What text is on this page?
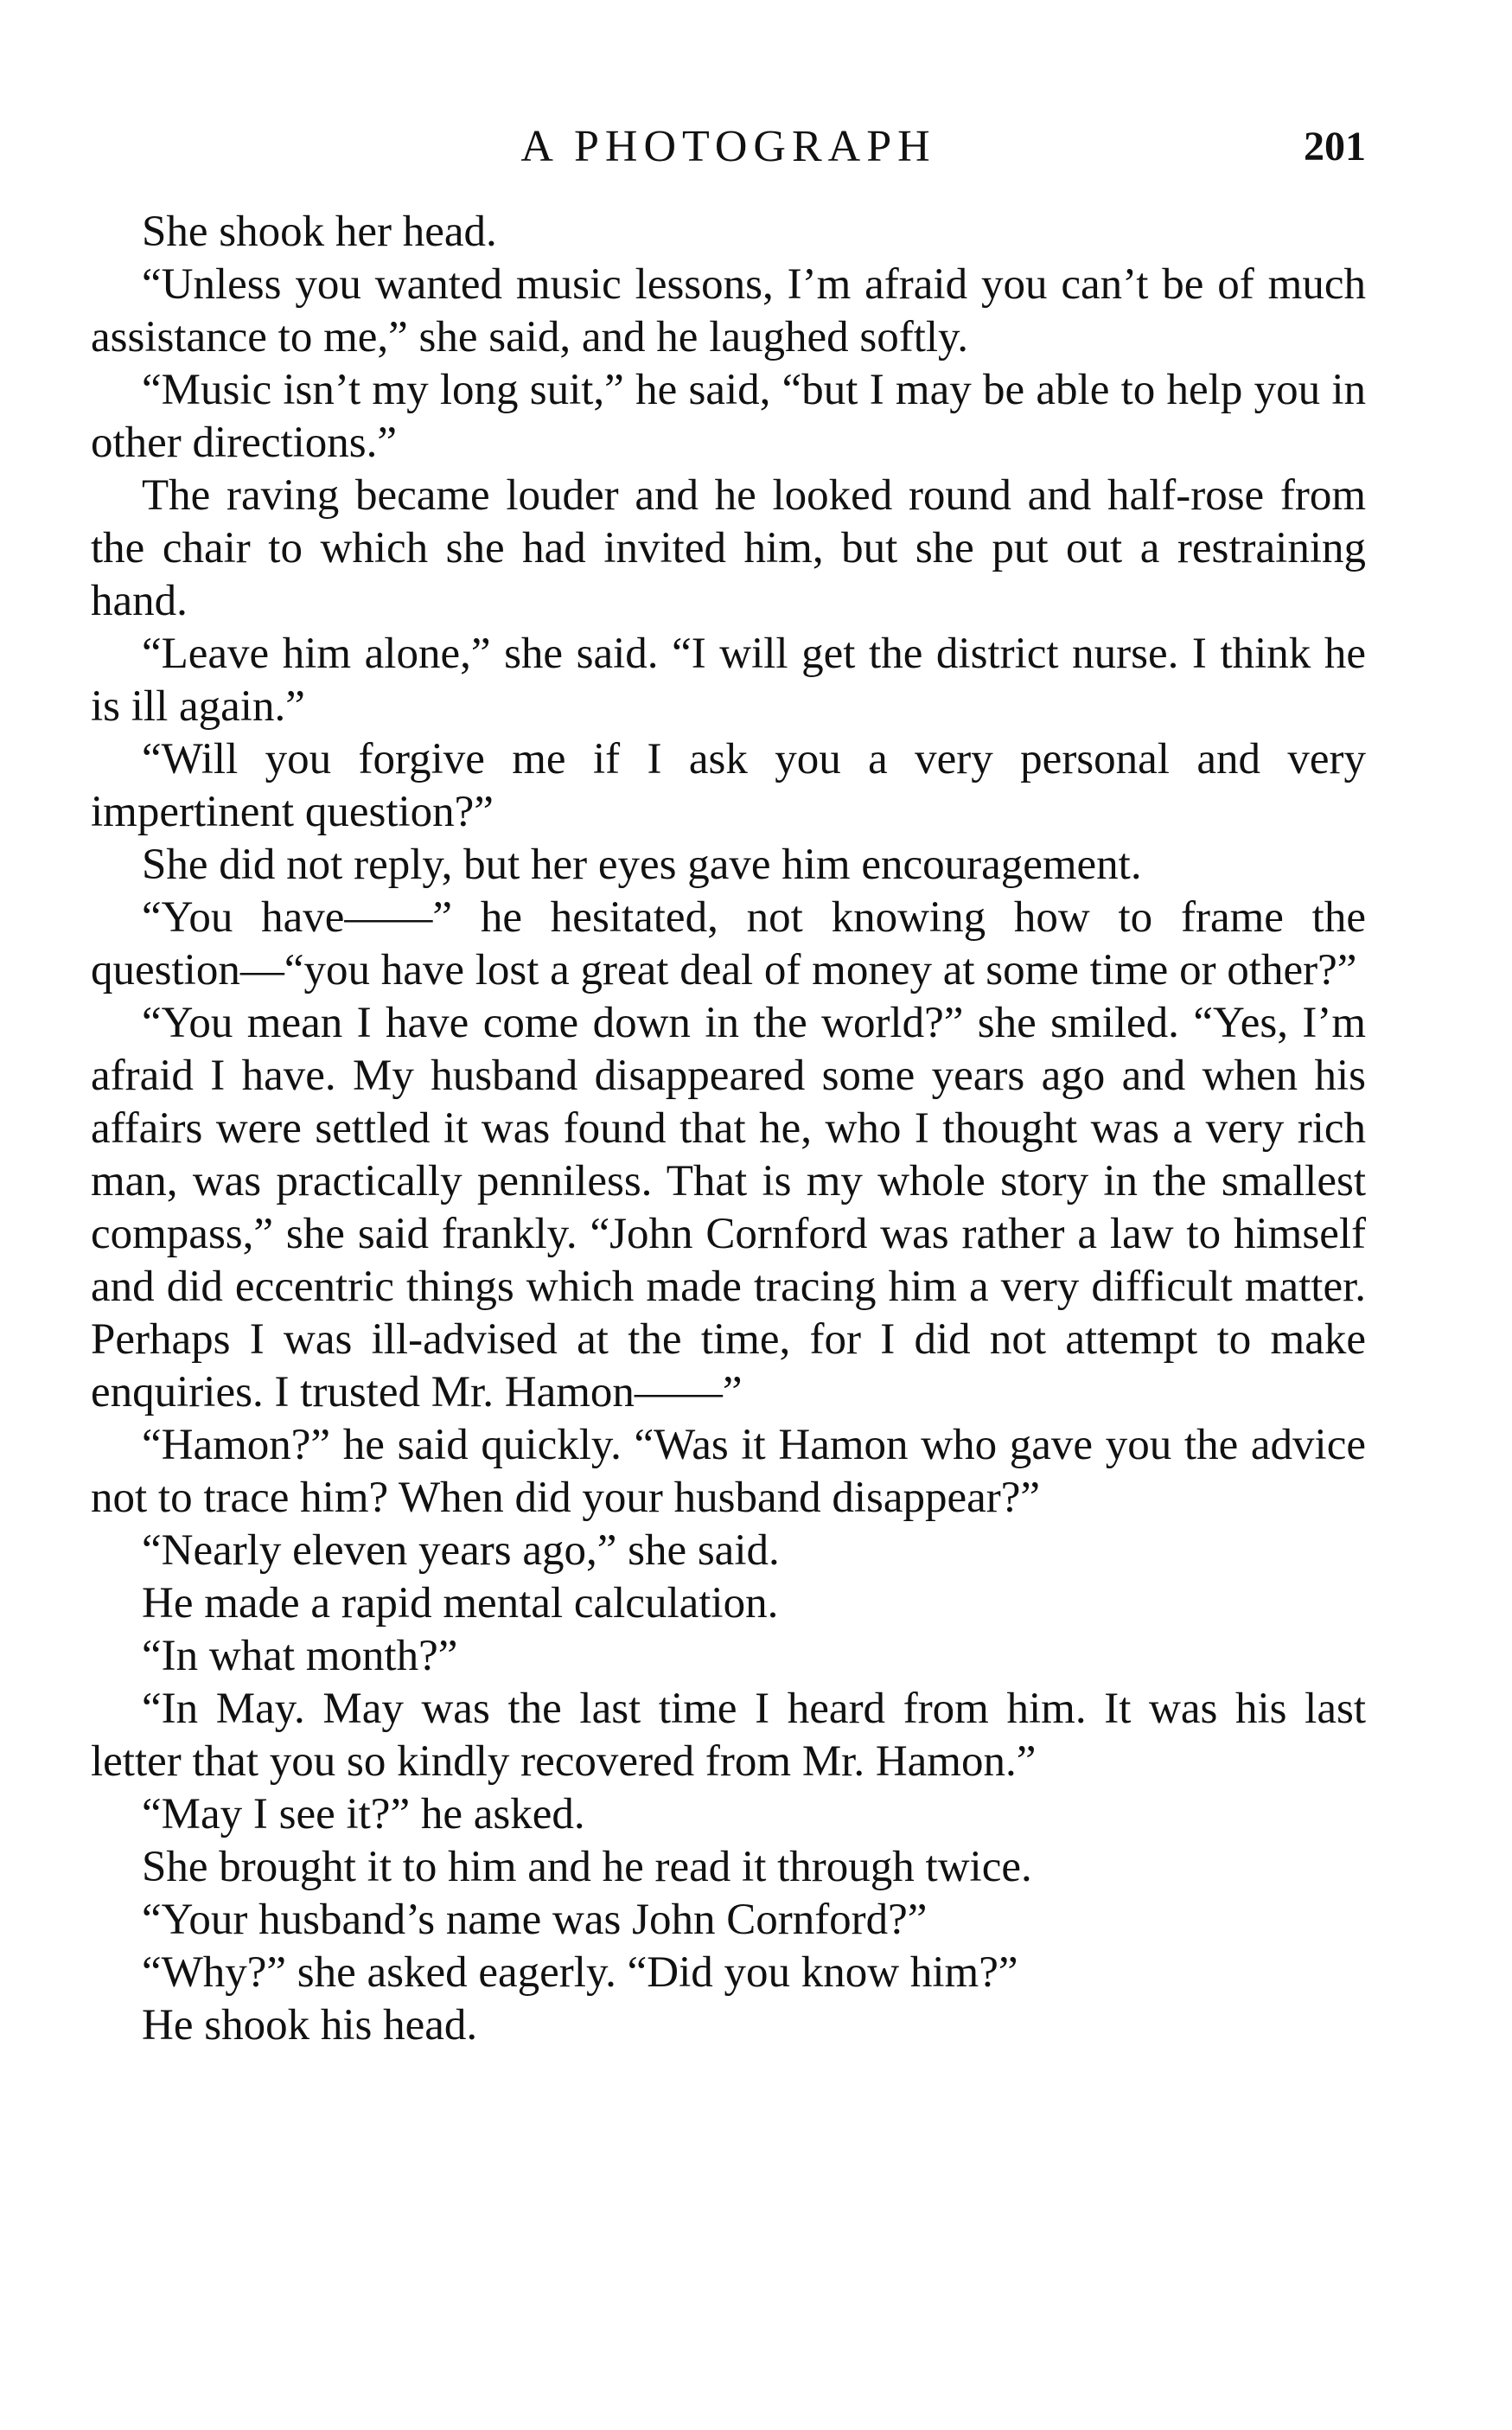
A PHOTOGRAPH	201

She shook her head.

“Unless you wanted music lessons, I’m afraid you can’t be of much assistance to me,” she said, and he laughed softly.

“Music isn’t my long suit,” he said, “but I may be able to help you in other directions.”

The raving became louder and he looked round and half-rose from the chair to which she had invited him, but she put out a restraining hand.

“Leave him alone,” she said. “I will get the district nurse. I think he is ill again.”

“Will you forgive me if I ask you a very personal and very impertinent question?”

She did not reply, but her eyes gave him encouragement.

“You have——” he hesitated, not knowing how to frame the question—“you have lost a great deal of money at some time or other?”

“You mean I have come down in the world?” she smiled. “Yes, I’m afraid I have. My husband disappeared some years ago and when his affairs were settled it was found that he, who I thought was a very rich man, was practically penniless. That is my whole story in the smallest compass,” she said frankly. “John Cornford was rather a law to himself and did eccentric things which made tracing him a very difficult matter. Perhaps I was ill-advised at the time, for I did not attempt to make enquiries. I trusted Mr. Hamon——”

“Hamon?” he said quickly. “Was it Hamon who gave you the advice not to trace him? When did your husband disappear?”

“Nearly eleven years ago,” she said.

He made a rapid mental calculation.

“In what month?”

“In May. May was the last time I heard from him. It was his last letter that you so kindly recovered from Mr. Hamon.”

“May I see it?” he asked.

She brought it to him and he read it through twice.

“Your husband’s name was John Cornford?”

“Why?” she asked eagerly. “Did you know him?”

He shook his head.
